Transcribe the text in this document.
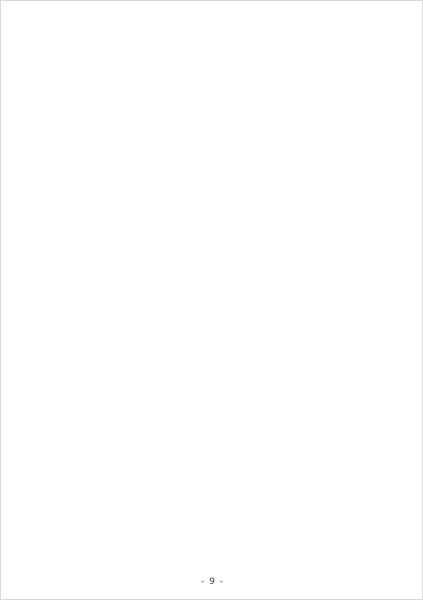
- 9 -
